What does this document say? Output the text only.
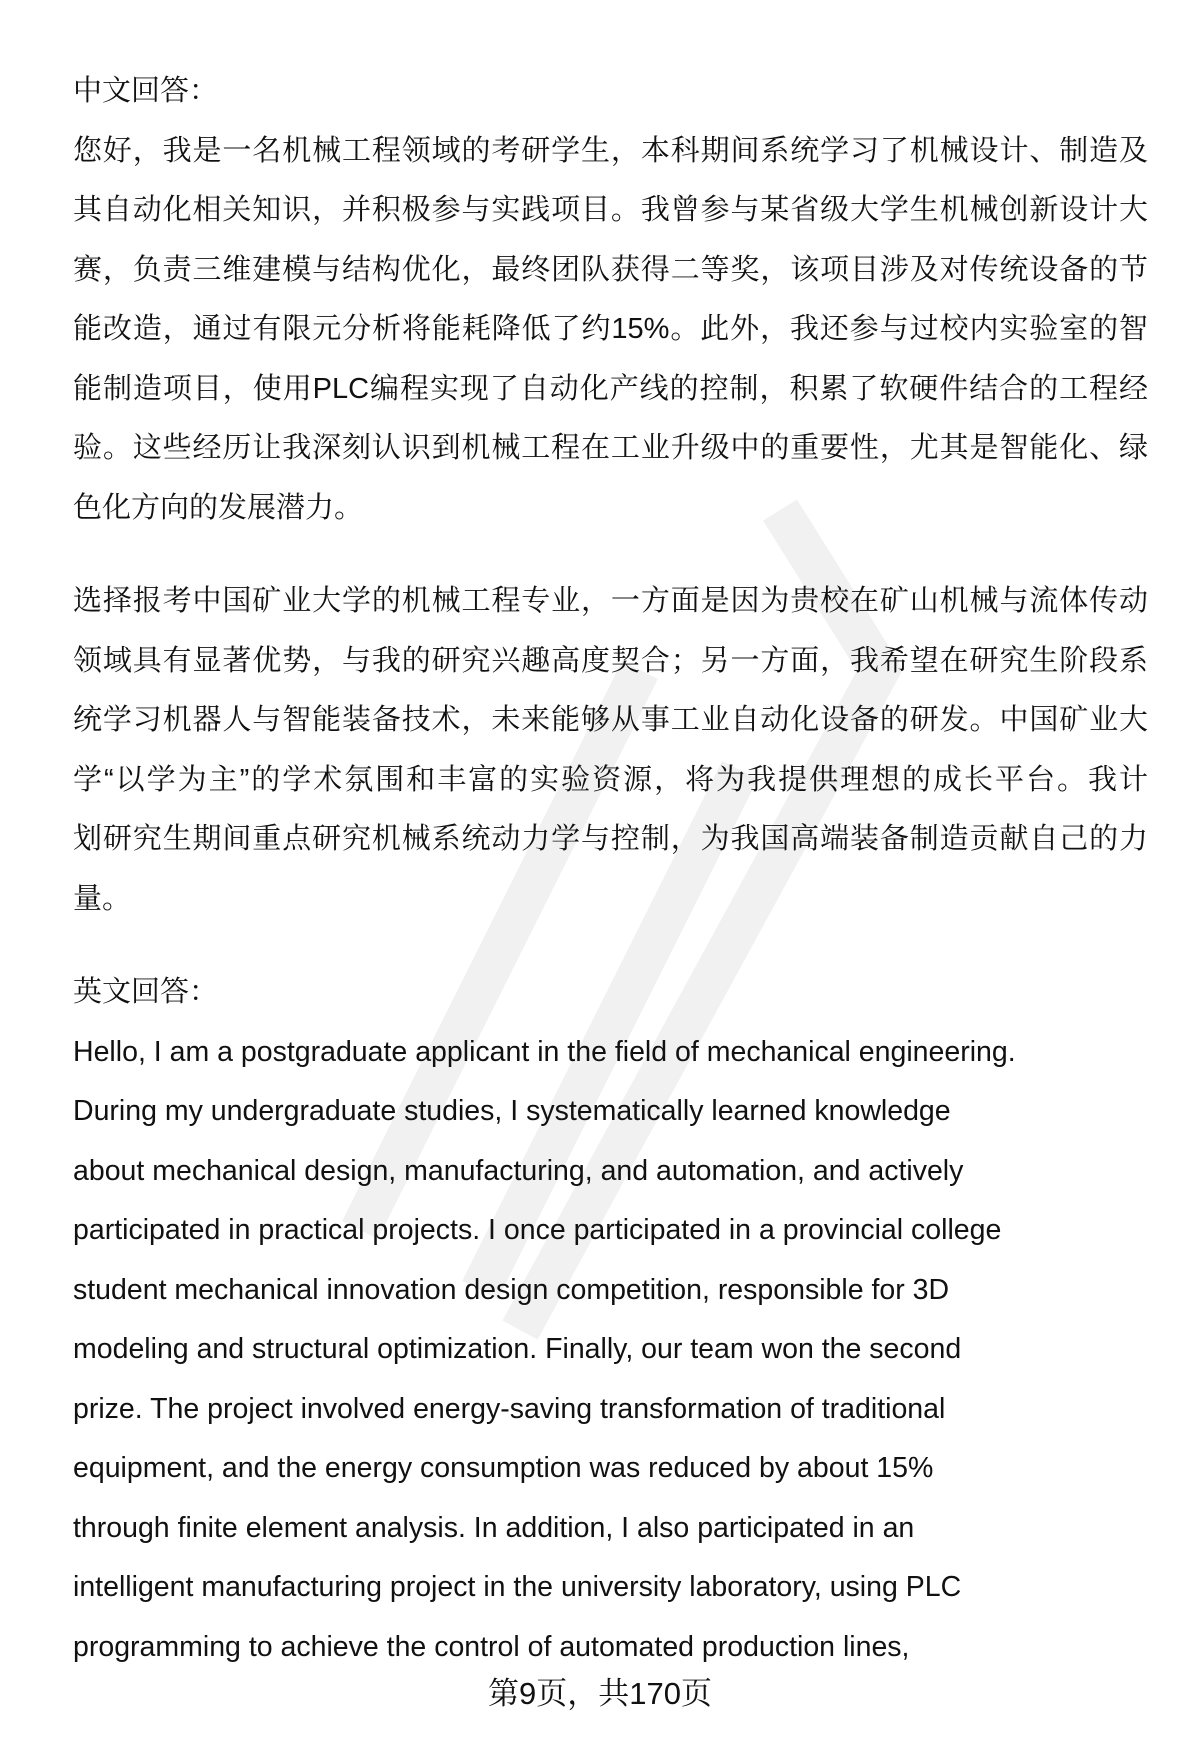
中文回答：
您好，我是一名机械工程领域的考研学生，本科期间系统学习了机械设计、制造及
其自动化相关知识，并积极参与实践项目。我曾参与某省级大学生机械创新设计大
赛，负责三维建模与结构优化，最终团队获得二等奖，该项目涉及对传统设备的节
能改造，通过有限元分析将能耗降低了约15%。此外，我还参与过校内实验室的智
能制造项目，使用PLC编程实现了自动化产线的控制，积累了软硬件结合的工程经
验。这些经历让我深刻认识到机械工程在工业升级中的重要性，尤其是智能化、绿
色化方向的发展潜力。
选择报考中国矿业大学的机械工程专业，一方面是因为贵校在矿山机械与流体传动
领域具有显著优势，与我的研究兴趣高度契合；另一方面，我希望在研究生阶段系
统学习机器人与智能装备技术，未来能够从事工业自动化设备的研发。中国矿业大
学“以学为主”的学术氛围和丰富的实验资源，将为我提供理想的成长平台。我计
划研究生期间重点研究机械系统动力学与控制，为我国高端装备制造贡献自己的力
量。
英文回答：
Hello, I am a postgraduate applicant in the field of mechanical engineering.
During my undergraduate studies, I systematically learned knowledge
about mechanical design, manufacturing, and automation, and actively
participated in practical projects. I once participated in a provincial college
student mechanical innovation design competition, responsible for 3D
modeling and structural optimization. Finally, our team won the second
prize. The project involved energy-saving transformation of traditional
equipment, and the energy consumption was reduced by about 15%
through finite element analysis. In addition, I also participated in an
intelligent manufacturing project in the university laboratory, using PLC
programming to achieve the control of automated production lines,
第9页，共170页
